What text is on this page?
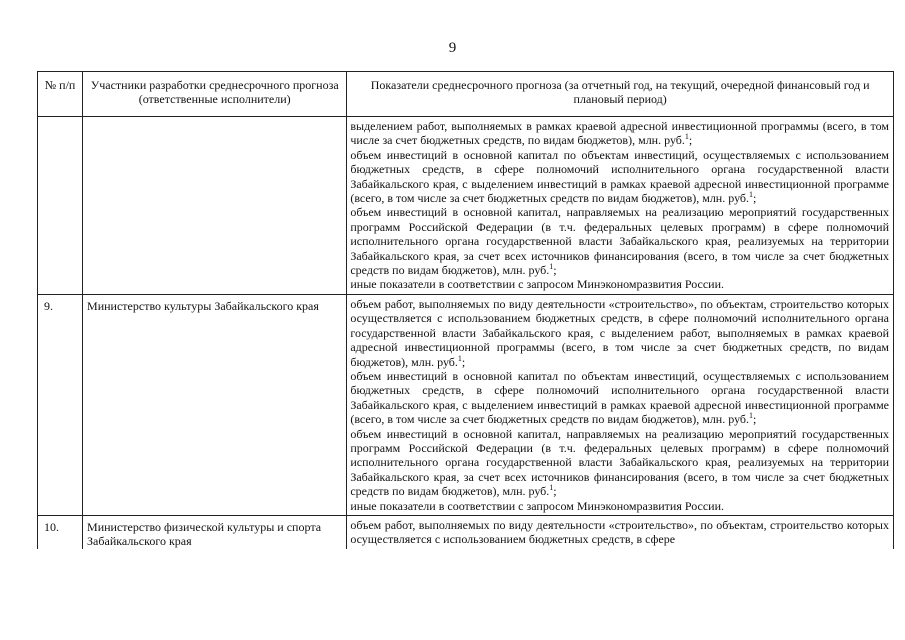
9
№ п/п	Участники разработки среднесрочного прогноза (ответственные исполнители)	Показатели среднесрочного прогноза (за отчетный год, на текущий, очередной финансовый год и плановый период)

		выделением работ, выполняемых в рамках краевой адресной инвестиционной программы (всего, в том числе за счет бюджетных средств, по видам бюджетов), млн. руб.$^1$;

объем инвестиций в основной капитал по объектам инвестиций, осуществляемых с использованием бюджетных средств, в сфере полномочий исполнительного органа государственной власти Забайкальского края, с выделением инвестиций в рамках краевой адресной инвестиционной программе (всего, в том числе за счет бюджетных средств по видам бюджетов), млн. руб.$^1$;

объем инвестиций в основной капитал, направляемых на реализацию мероприятий государственных программ Российской Федерации (в т.ч. федеральных целевых программ) в сфере полномочий исполнительного органа государственной власти Забайкальского края, реализуемых на территории Забайкальского края, за счет всех источников финансирования (всего, в том числе за счет бюджетных средств по видам бюджетов), млн. руб.$^1$;

иные показатели в соответствии с запросом Минэкономразвития России.

9.	Министерство культуры Забайкальского края	объем работ, выполняемых по виду деятельности «строительство», по объектам, строительство которых осуществляется с использованием бюджетных средств, в сфере полномочий исполнительного органа государственной власти Забайкальского края, с выделением работ, выполняемых в рамках краевой адресной инвестиционной программы (всего, в том числе за счет бюджетных средств, по видам бюджетов), млн. руб.$^1$;

объем инвестиций в основной капитал по объектам инвестиций, осуществляемых с использованием бюджетных средств, в сфере полномочий исполнительного органа государственной власти Забайкальского края, с выделением инвестиций в рамках краевой адресной инвестиционной программе (всего, в том числе за счет бюджетных средств по видам бюджетов), млн. руб.$^1$;

объем инвестиций в основной капитал, направляемых на реализацию мероприятий государственных программ Российской Федерации (в т.ч. федеральных целевых программ) в сфере полномочий исполнительного органа государственной власти Забайкальского края, реализуемых на территории Забайкальского края, за счет всех источников финансирования (всего, в том числе за счет бюджетных средств по видам бюджетов), млн. руб.$^1$;

иные показатели в соответствии с запросом Минэкономразвития России.

10.	Министерство физической культуры и спорта Забайкальского края	объем работ, выполняемых по виду деятельности «строительство», по объектам, строительство которых осуществляется с использованием бюджетных средств, в сфере
